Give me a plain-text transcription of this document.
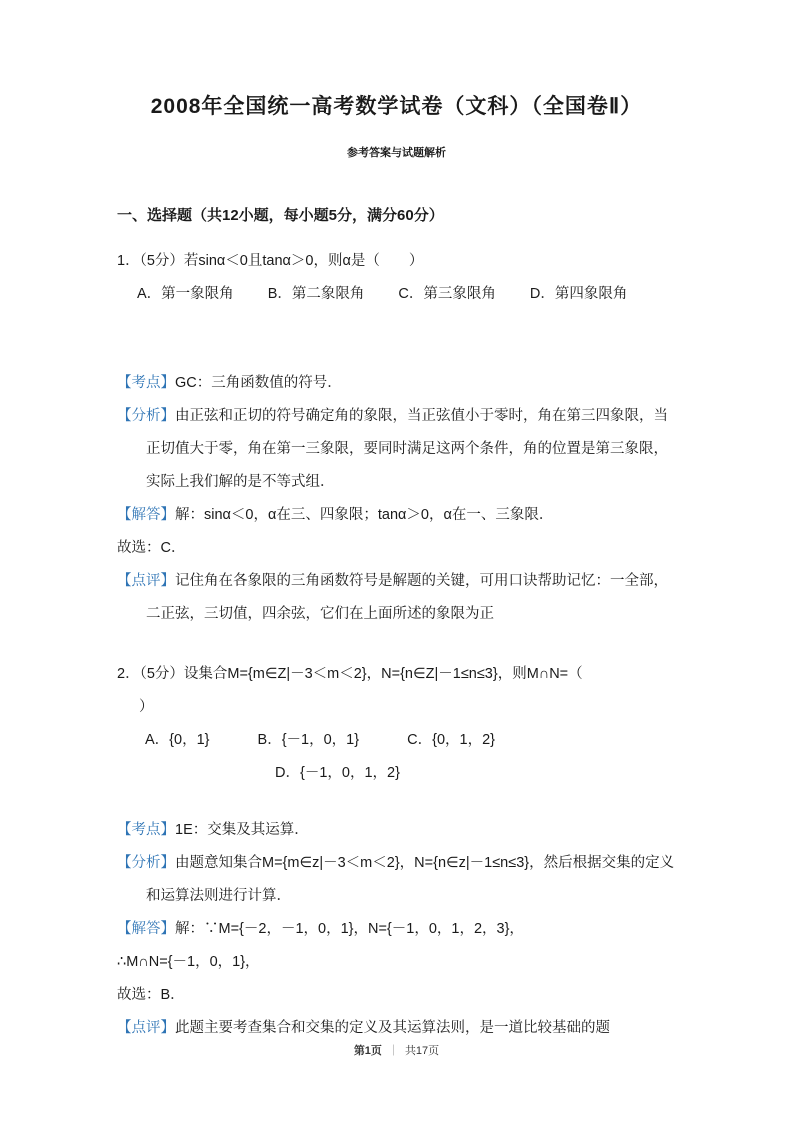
2008年全国统一高考数学试卷（文科）（全国卷Ⅱ）
参考答案与试题解析
一、选择题（共12小题，每小题5分，满分60分）

1．（5分）若sinα＜0且tanα＞0，则α是（　　）

A．第一象限角 B．第二象限角 C．第三象限角 D．第四象限角

【考点】GC：三角函数值的符号．

【分析】由正弦和正切的符号确定角的象限，当正弦值小于零时，角在第三四象限，当正切值大于零，角在第一三象限，要同时满足这两个条件，角的位置是第三象限，实际上我们解的是不等式组．

【解答】解：sinα＜0，α在三、四象限；tanα＞0，α在一、三象限．

故选：C．

【点评】记住角在各象限的三角函数符号是解题的关键，可用口诀帮助记忆：一全部，二正弦，三切值，四余弦，它们在上面所述的象限为正

2．（5分）设集合M={m∈Z|－3＜m＜2}，N={n∈Z|－1≤n≤3}，则M∩N=（

）

A．{0，1}	B．{－1，0，1}	C．{0，1，2}

D．{－1，0，1，2}

【考点】1E：交集及其运算．

【分析】由题意知集合M={m∈z|－3＜m＜2}，N={n∈z|－1≤n≤3}，然后根据交集的定义和运算法则进行计算．

【解答】解：∵M={－2，－1，0，1}，N={－1，0，1，2，3}，

∴M∩N={－1，0，1}，

故选：B．

【点评】此题主要考查集合和交集的定义及其运算法则，是一道比较基础的题

第1页 ｜ 共17页
